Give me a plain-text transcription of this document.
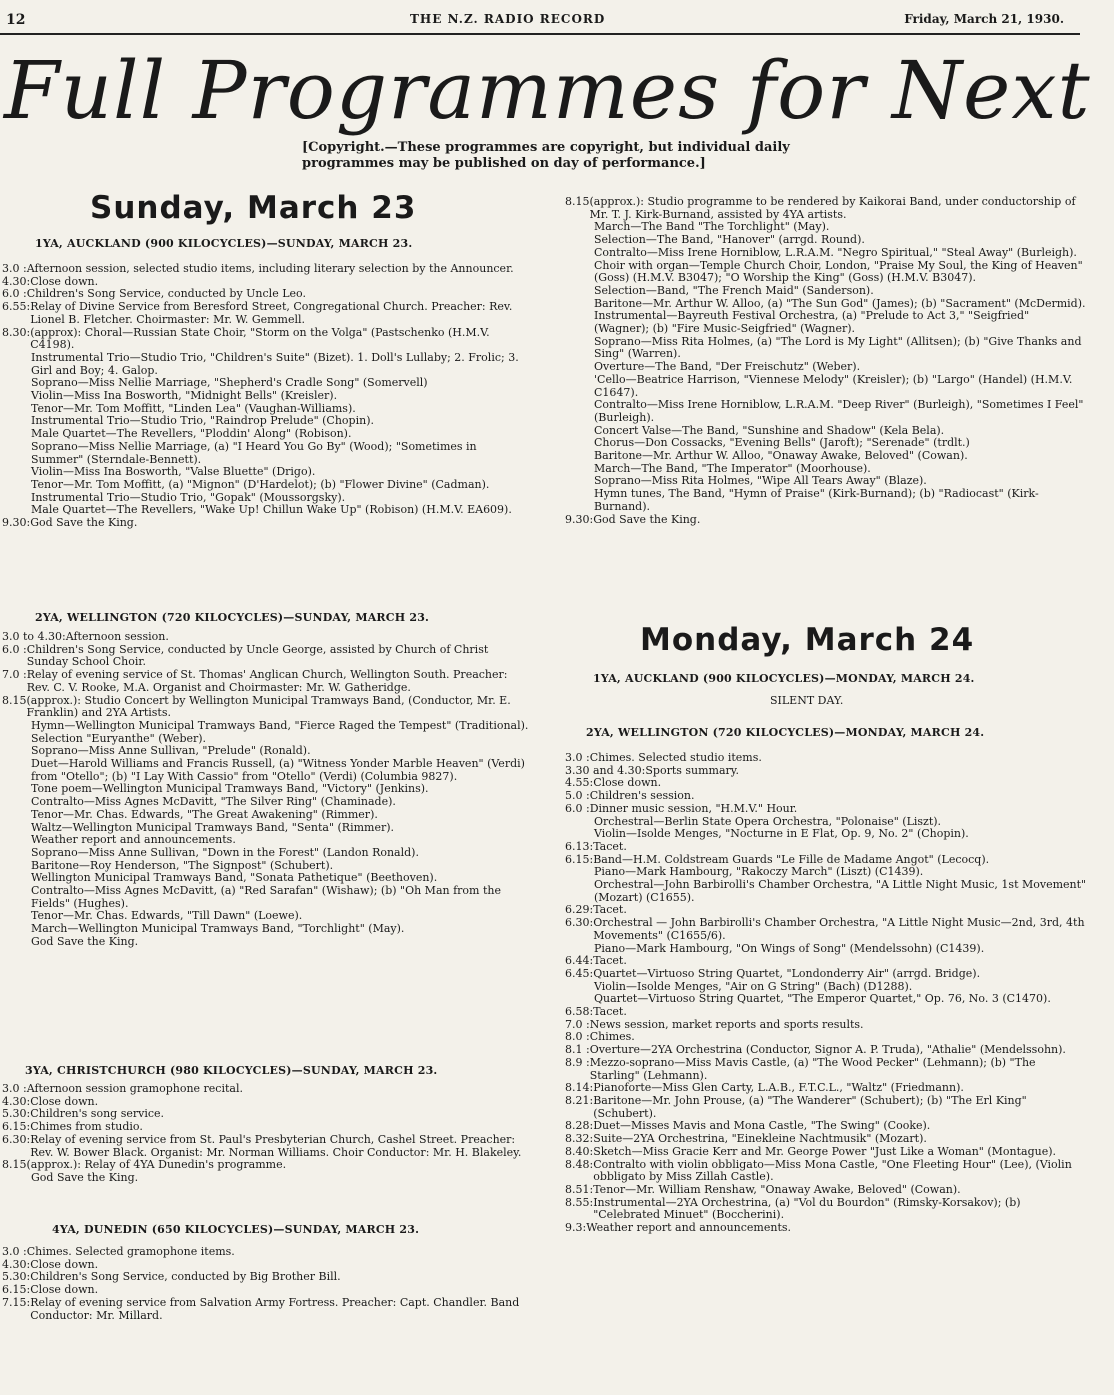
12	THE N.Z. RADIO RECORD	Friday, March 21, 1930.
Full Programmes for Next
[Copyright.—These programmes are copyright, but individual daily programmes may be published on day of performance.]
Sunday, March 23
1YA, AUCKLAND (900 KILOCYCLES)—SUNDAY, MARCH 23.
3.0 : Afternoon session, selected studio items, including literary selection by the Announcer.
4.30: Close down.
6.0 : Children's Song Service, conducted by Uncle Leo.
6.55: Relay of Divine Service from Beresford Street, Congregational Church. Preacher: Rev. Lionel B. Fletcher. Choirmaster: Mr. W. Gemmell.
8.30: (approx): Choral—Russian State Choir, "Storm on the Volga" (Pastschenko (H.M.V. C4198).
Instrumental Trio—Studio Trio, "Children's Suite" (Bizet). 1. Doll's Lullaby; 2. Frolic; 3. Girl and Boy; 4. Galop.
Soprano—Miss Nellie Marriage, "Shepherd's Cradle Song" (Somervell)
Violin—Miss Ina Bosworth, "Midnight Bells" (Kreisler).
Tenor—Mr. Tom Moffitt, "Linden Lea" (Vaughan-Williams).
Instrumental Trio—Studio Trio, "Raindrop Prelude" (Chopin).
Male Quartet—The Revellers, "Ploddin' Along" (Robison).
Soprano—Miss Nellie Marriage, (a) "I Heard You Go By" (Wood); "Sometimes in Summer" (Sterndale-Bennett).
Violin—Miss Ina Bosworth, "Valse Bluette" (Drigo).
Tenor—Mr. Tom Moffitt, (a) "Mignon" (D'Hardelot); (b) "Flower Divine" (Cadman).
Instrumental Trio—Studio Trio, "Gopak" (Moussorgsky).
Male Quartet—The Revellers, "Wake Up! Chillun Wake Up" (Robison) (H.M.V. EA609).
9.30: God Save the King.
2YA, WELLINGTON (720 KILOCYCLES)—SUNDAY, MARCH 23.
3.0 to 4.30: Afternoon session.
6.0 : Children's Song Service, conducted by Uncle George, assisted by Church of Christ Sunday School Choir.
7.0 : Relay of evening service of St. Thomas' Anglican Church, Wellington South. Preacher: Rev. C. V. Rooke, M.A. Organist and Choirmaster: Mr. W. Gatheridge.
8.15 (approx.): Studio Concert by Wellington Municipal Tramways Band, (Conductor, Mr. E. Franklin) and 2YA Artists.
Hymn—Wellington Municipal Tramways Band, "Fierce Raged the Tempest" (Traditional).
Selection "Euryanthe" (Weber).
Soprano—Miss Anne Sullivan, "Prelude" (Ronald).
Duet—Harold Williams and Francis Russell, (a) "Witness Yonder Marble Heaven" (Verdi) from "Otello"; (b) "I Lay With Cassio" from "Otello" (Verdi) (Columbia 9827).
Tone poem—Wellington Municipal Tramways Band, "Victory" (Jenkins).
Contralto—Miss Agnes McDavitt, "The Silver Ring" (Chaminade).
Tenor—Mr. Chas. Edwards, "The Great Awakening" (Rimmer).
Waltz—Wellington Municipal Tramways Band, "Senta" (Rimmer).
Weather report and announcements.
Soprano—Miss Anne Sullivan, "Down in the Forest" (Landon Ronald).
Baritone—Roy Henderson, "The Signpost" (Schubert).
Wellington Municipal Tramways Band, "Sonata Pathetique" (Beethoven).
Contralto—Miss Agnes McDavitt, (a) "Red Sarafan" (Wishaw); (b) "Oh Man from the Fields" (Hughes).
Tenor—Mr. Chas. Edwards, "Till Dawn" (Loewe).
March—Wellington Municipal Tramways Band, "Torchlight" (May).
God Save the King.
3YA, CHRISTCHURCH (980 KILOCYCLES)—SUNDAY, MARCH 23.
3.0 : Afternoon session gramophone recital.
4.30: Close down.
5.30: Children's song service.
6.15: Chimes from studio.
6.30: Relay of evening service from St. Paul's Presbyterian Church, Cashel Street. Preacher: Rev. W. Bower Black. Organist: Mr. Norman Williams. Choir Conductor: Mr. H. Blakeley.
8.15 (approx.): Relay of 4YA Dunedin's programme.
God Save the King.
4YA, DUNEDIN (650 KILOCYCLES)—SUNDAY, MARCH 23.
3.0 : Chimes. Selected gramophone items.
4.30: Close down.
5.30: Children's Song Service, conducted by Big Brother Bill.
6.15: Close down.
7.15: Relay of evening service from Salvation Army Fortress. Preacher: Capt. Chandler. Band Conductor: Mr. Millard.
8.15 (approx.): Studio programme to be rendered by Kaikorai Band, under conductorship of Mr. T. J. Kirk-Burnand, assisted by 4YA artists.
March—The Band "The Torchlight" (May).
Selection—The Band, "Hanover" (arrgd. Round).
Contralto—Miss Irene Horniblow, L.R.A.M. "Negro Spiritual," "Steal Away" (Burleigh).
Choir with organ—Temple Church Choir, London, "Praise My Soul, the King of Heaven" (Goss) (H.M.V. B3047); "O Worship the King" (Goss) (H.M.V. B3047).
Selection—Band, "The French Maid" (Sanderson).
Baritone—Mr. Arthur W. Alloo, (a) "The Sun God" (James); (b) "Sacrament" (McDermid).
Instrumental—Bayreuth Festival Orchestra, (a) "Prelude to Act 3," "Seigfried" (Wagner); (b) "Fire Music-Seigfried" (Wagner).
Soprano—Miss Rita Holmes, (a) "The Lord is My Light" (Allitsen); (b) "Give Thanks and Sing" (Warren).
Overture—The Band, "Der Freischutz" (Weber).
'Cello—Beatrice Harrison, "Viennese Melody" (Kreisler); (b) "Largo" (Handel) (H.M.V. C1647).
Contralto—Miss Irene Horniblow, L.R.A.M. "Deep River" (Burleigh), "Sometimes I Feel" (Burleigh).
Concert Valse—The Band, "Sunshine and Shadow" (Kela Bela).
Chorus—Don Cossacks, "Evening Bells" (Jaroft); "Serenade" (trdlt.)
Baritone—Mr. Arthur W. Alloo, "Onaway Awake, Beloved" (Cowan).
March—The Band, "The Imperator" (Moorhouse).
Soprano—Miss Rita Holmes, "Wipe All Tears Away" (Blaze).
Hymn tunes, The Band, "Hymn of Praise" (Kirk-Burnand); (b) "Radiocast" (Kirk-Burnand).
9.30: God Save the King.
Monday, March 24
1YA, AUCKLAND (900 KILOCYCLES)—MONDAY, MARCH 24.
SILENT DAY.
2YA, WELLINGTON (720 KILOCYCLES)—MONDAY, MARCH 24.
3.0 : Chimes. Selected studio items.
3.30 and 4.30: Sports summary.
4.55: Close down.
5.0 : Children's session.
6.0 : Dinner music session, "H.M.V." Hour.
Orchestral—Berlin State Opera Orchestra, "Polonaise" (Liszt).
Violin—Isolde Menges, "Nocturne in E Flat, Op. 9, No. 2" (Chopin).
6.13: Tacet.
6.15: Band—H.M. Coldstream Guards "Le Fille de Madame Angot" (Lecocq).
Piano—Mark Hambourg, "Rakoczy March" (Liszt) (C1439).
Orchestral—John Barbirolli's Chamber Orchestra, "A Little Night Music, 1st Movement" (Mozart) (C1655).
6.29: Tacet.
6.30: Orchestral — John Barbirolli's Chamber Orchestra, "A Little Night Music—2nd, 3rd, 4th Movements" (C1655/6).
Piano—Mark Hambourg, "On Wings of Song" (Mendelssohn) (C1439).
6.44: Tacet.
6.45: Quartet—Virtuoso String Quartet, "Londonderry Air" (arrgd. Bridge).
Violin—Isolde Menges, "Air on G String" (Bach) (D1288).
Quartet—Virtuoso String Quartet, "The Emperor Quartet," Op. 76, No. 3 (C1470).
6.58: Tacet.
7.0 : News session, market reports and sports results.
8.0 : Chimes.
8.1 : Overture—2YA Orchestrina (Conductor, Signor A. P. Truda), "Athalie" (Mendelssohn).
8.9 : Mezzo-soprano—Miss Mavis Castle, (a) "The Wood Pecker" (Lehmann); (b) "The Starling" (Lehmann).
8.14: Pianoforte—Miss Glen Carty, L.A.B., F.T.C.L., "Waltz" (Friedmann).
8.21: Baritone—Mr. John Prouse, (a) "The Wanderer" (Schubert); (b) "The Erl King" (Schubert).
8.28: Duet—Misses Mavis and Mona Castle, "The Swing" (Cooke).
8.32: Suite—2YA Orchestrina, "Einekleine Nachtmusik" (Mozart).
8.40: Sketch—Miss Gracie Kerr and Mr. George Power "Just Like a Woman" (Montague).
8.48: Contralto with violin obbligato—Miss Mona Castle, "One Fleeting Hour" (Lee), (Violin obbligato by Miss Zillah Castle).
8.51: Tenor—Mr. William Renshaw, "Onaway Awake, Beloved" (Cowan).
8.55: Instrumental—2YA Orchestrina, (a) "Vol du Bourdon" (Rimsky-Korsakov); (b) "Celebrated Minuet" (Boccherini).
9.3: Weather report and announcements.
